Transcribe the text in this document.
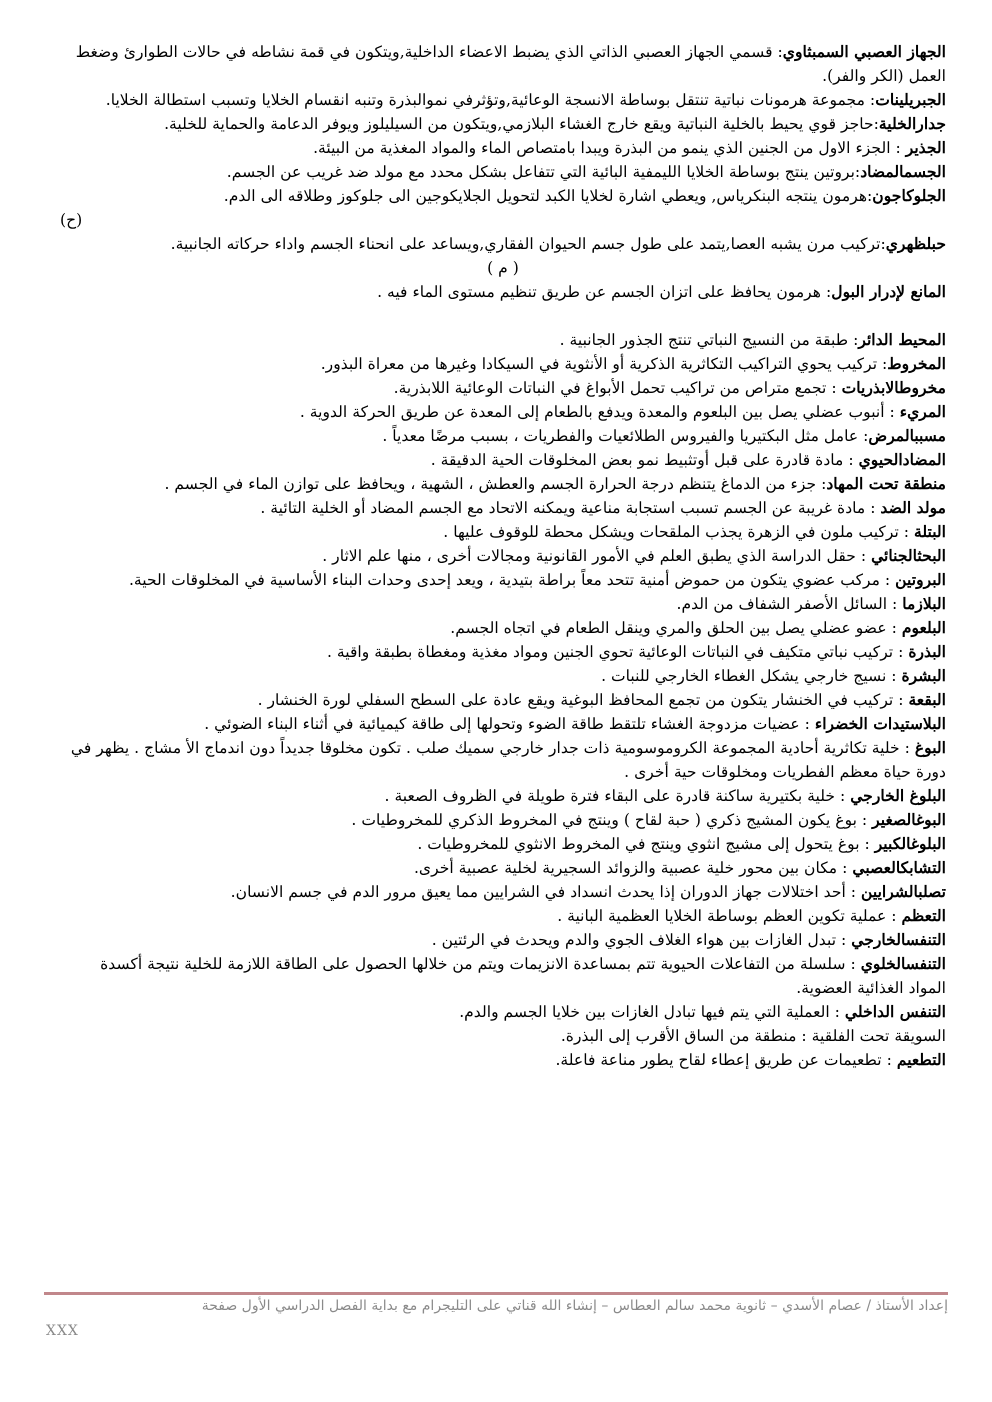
الجهاز العصبي السمبثاوي: قسمي الجهاز العصبي الذاتي الذي يضبط الاعضاء الداخلية,ويتكون في قمة نشاطه في حالات الطوارئ وضغط العمل (الكر والفر).

الجبريلينات: مجموعة هرمونات نباتية تنتقل بوساطة الانسجة الوعائية,وتؤثرفي نموالبذرة وتنبه انقسام الخلايا وتسبب استطالة الخلايا.

جدارالخلية:حاجز قوي يحيط بالخلية النباتية ويقع خارج الغشاء البلازمي,ويتكون من السيليلوز ويوفر الدعامة والحماية للخلية.

الجذير : الجزء الاول من الجنين الذي ينمو من البذرة ويبدا بامتصاص الماء والمواد المغذية من البيئة.

الجسمالمضاد:بروتين ينتج بوساطة الخلايا الليمفية البائية التي تتفاعل بشكل محدد مع مولد ضد غريب عن الجسم.

الجلوكاجون:هرمون ينتجه البنكرياس, ويعطي اشارة لخلايا الكبد لتحويل الجلايكوجين الى جلوكوز وطلاقه الى الدم.

(ح)

حبلظهري:تركيب مرن يشبه العصا,يتمد على طول جسم الحيوان الفقاري,ويساعد على انحناء الجسم واداء حركاته الجانبية.

( م )

المانع لإدرار البول: هرمون يحافظ على اتزان الجسم عن طريق تنظيم مستوى الماء فيه .

المحيط الدائر: طبقة من النسيج النباتي تنتج الجذور الجانبية .

المخروط: تركيب يحوي التراكيب التكاثرية الذكرية أو الأنثوية في السيكادا وغيرها من معراة البذور.

مخروطالابذريات : تجمع متراص من تراكيب تحمل الأبواغ في النباتات الوعائية اللابذرية.

المريء : أنبوب عضلي يصل بين البلعوم والمعدة ويدفع بالطعام إلى المعدة عن طريق الحركة الدوية .

مسببالمرض: عامل مثل البكتيريا والفيروس الطلائعيات والفطريات ، بسبب مرضًا معدياً .

المضادالحيوي : مادة قادرة على قبل أوتثبيط نمو بعض المخلوقات الحية الدقيقة .

منطقة تحت المهاد: جزء من الدماغ يتنظم درجة الحرارة الجسم والعطش ، الشهية ، ويحافظ على توازن الماء في الجسم .

مولد الضد : مادة غريبة عن الجسم تسبب استجابة مناعية ويمكنه الاتحاد مع الجسم المضاد أو الخلية التائية .

البتلة : تركيب ملون في الزهرة يجذب الملقحات ويشكل محطة للوقوف عليها .

البحثالجنائي : حقل الدراسة الذي يطبق العلم في الأمور القانونية ومجالات أخرى ، منها علم الاثار .

البروتين : مركب عضوي يتكون من حموض أمنية تتحد معاً براطة بتيدية ، ويعد إحدى وحدات البناء الأساسية في المخلوقات الحية.

البلازما : السائل الأصفر الشفاف من الدم.

البلعوم : عضو عضلي يصل بين الحلق والمري وينقل الطعام في اتجاه الجسم.

البذرة : تركيب نباتي متكيف في النباتات الوعائية تحوي الجنين ومواد مغذية ومغطاة بطبقة واقية .

البشرة : نسيج خارجي يشكل الغطاء الخارجي للنبات .

البقعة : تركيب في الخنشار يتكون من تجمع المحافظ البوغية ويقع عادة على السطح السفلي لورة الخنشار .

البلاستيدات الخضراء : عضيات مزدوجة الغشاء تلتقط طاقة الضوء وتحولها إلى طاقة كيميائية في أثناء البناء الضوئي .

البوغ : خلية تكاثرية أحادية المجموعة الكروموسومية ذات جدار خارجي سميك صلب . تكون مخلوقا جديداً دون اندماج الأ مشاج . يظهر في دورة حياة معظم الفطريات ومخلوقات حية أخرى .

البلوغ الخارجي : خلية بكتيرية ساكنة قادرة على البقاء فترة طويلة في الظروف الصعبة .

البوغالصغير : بوغ يكون المشيج ذكري ( حبة لقاح ) وينتج في المخروط الذكري للمخروطيات .

البلوغالكبير : بوغ يتحول إلى مشيج انثوي وينتج في المخروط الانثوي للمخروطيات .

التشابكالعصبي : مكان بين محور خلية عصبية والزوائد السجيرية لخلية عصبية أخرى.

تصلبالشرايين : أحد اختلالات جهاز الدوران إذا يحدث انسداد في الشرايين مما يعيق مرور الدم في جسم الانسان.

التعظم : عملية تكوين العظم بوساطة الخلايا العظمية البانية .

التنفسالخارجي : تبدل الغازات بين هواء الغلاف الجوي والدم ويحدث في الرئتين .

التنفسالخلوي : سلسلة من التفاعلات الحيوية تتم بمساعدة الانزيمات ويتم من خلالها الحصول على الطاقة اللازمة للخلية نتيجة أكسدة المواد الغذائية العضوية.

التنفس الداخلي : العملية التي يتم فيها تبادل الغازات بين خلايا الجسم والدم.

السويقة تحت الفلقية : منطقة من الساق الأقرب إلى البذرة.

التطعيم : تطعيمات عن طريق إعطاء لقاح يطور مناعة فاعلة.

إعداد الأستاذ / عصام الأسدي – ثانوية محمد سالم العطاس – إنشاء الله قناتي على التليجرام مع بداية الفصل الدراسي الأول صفحة
XXX
